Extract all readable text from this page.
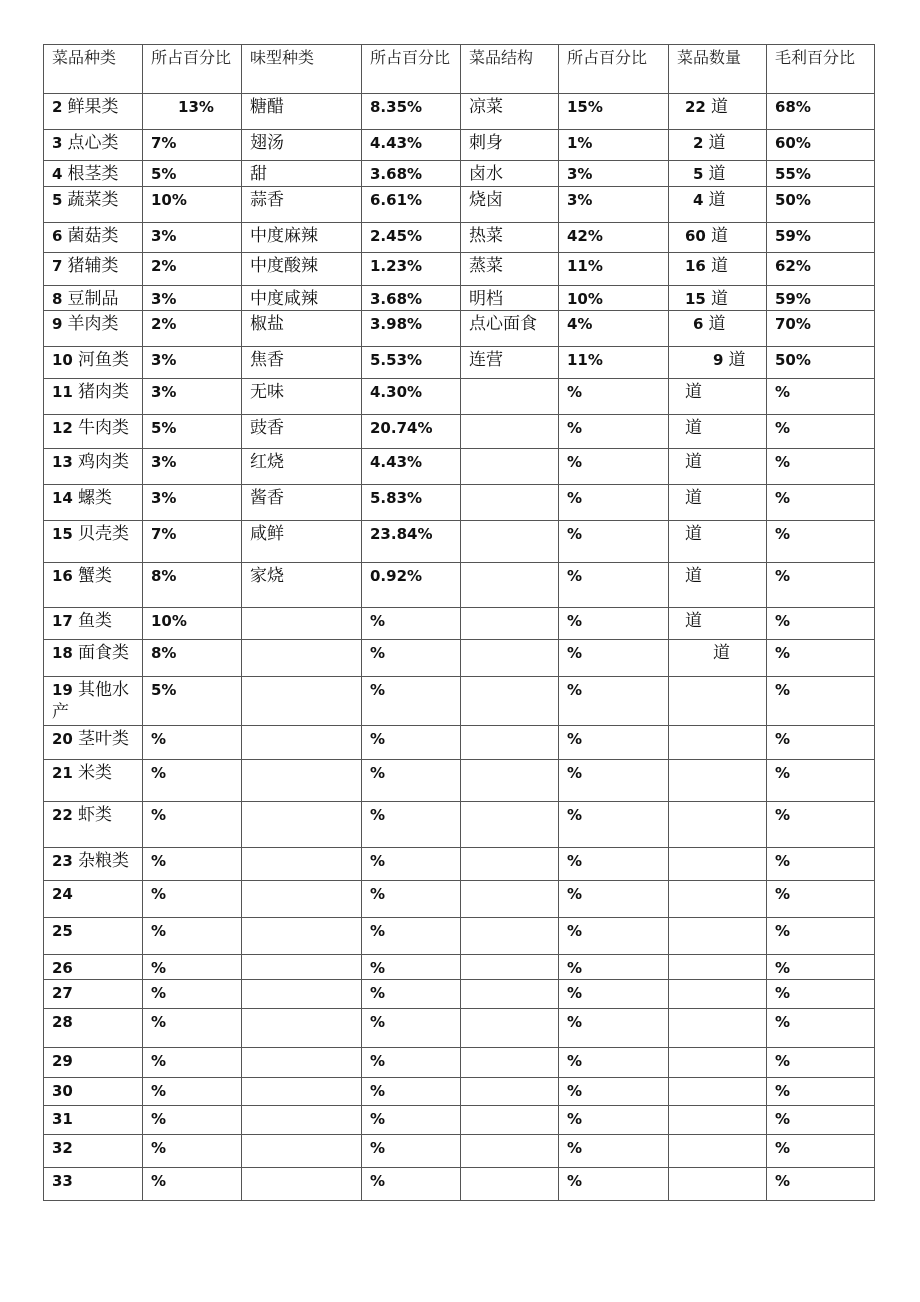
菜品种类	所占百分比	味型种类	所占百分比	菜品结构	所占百分比	菜品数量	毛利百分比
2 鲜果类	13%	糖醋	8.35%	凉菜	15%	22 道	68%
3 点心类	7%	翅汤	4.43%	刺身	1%	2 道	60%
4 根茎类	5%	甜	3.68%	卤水	3%	5 道	55%
5 蔬菜类	10%	蒜香	6.61%	烧卤	3%	4 道	50%
6 菌菇类	3%	中度麻辣	2.45%	热菜	42%	60 道	59%
7 猪辅类	2%	中度酸辣	1.23%	蒸菜	11%	16 道	62%
8 豆制品	3%	中度咸辣	3.68%	明档	10%	15 道	59%
9 羊肉类	2%	椒盐	3.98%	点心面食	4%	6 道	70%
10 河鱼类	3%	焦香	5.53%	连营	11%	9 道	50%
11 猪肉类	3%	无味	4.30%		%	道	%
12 牛肉类	5%	豉香	20.74%		%	道	%
13 鸡肉类	3%	红烧	4.43%		%	道	%
14 螺类	3%	酱香	5.83%		%	道	%
15 贝壳类	7%	咸鲜	23.84%		%	道	%
16 蟹类	8%	家烧	0.92%		%	道	%
17 鱼类	10%		%		%	道	%
18 面食类	8%		%		%	道	%
19 其他水产	5%		%		%		%
20 茎叶类	%		%		%		%
21 米类	%		%		%		%
22 虾类	%		%		%		%
23 杂粮类	%		%		%		%
24	%		%		%		%
25	%		%		%		%
26	%		%		%		%
27	%		%		%		%
28	%		%		%		%
29	%		%		%		%
30	%		%		%		%
31	%		%		%		%
32	%		%		%		%
33	%		%		%		%
